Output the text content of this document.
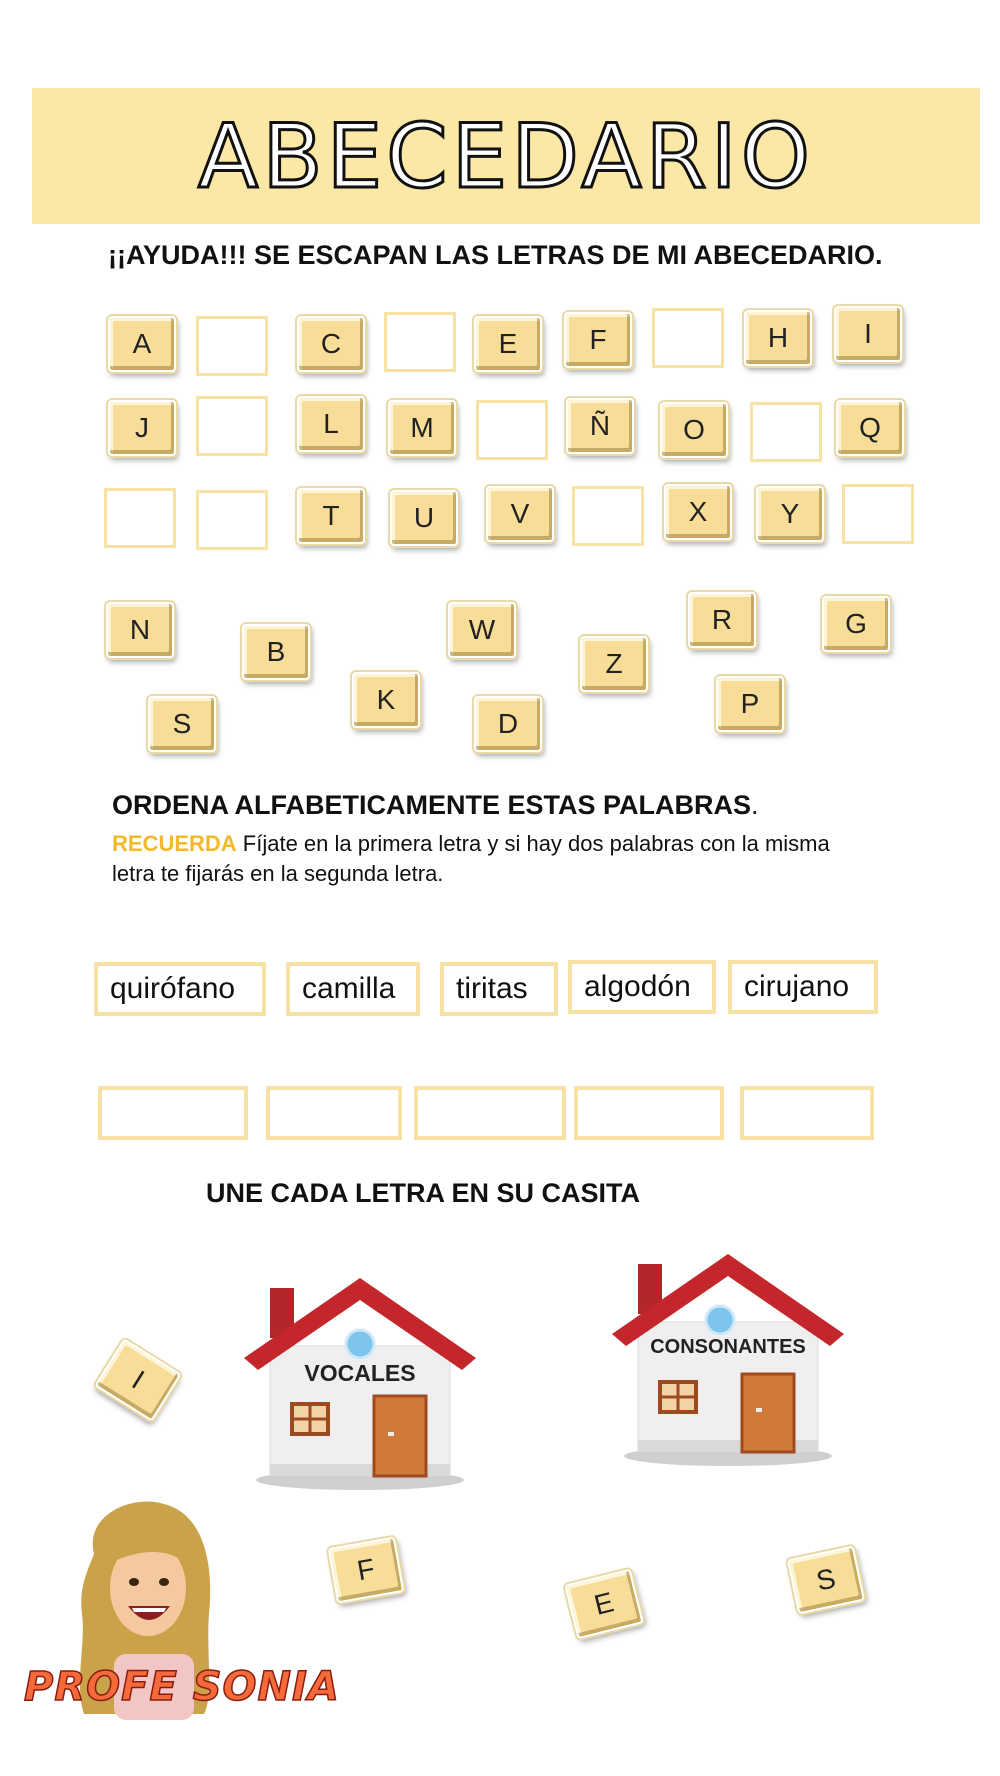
ABECEDARIO
¡¡AYUDA!!! SE ESCAPAN LAS LETRAS DE MI ABECEDARIO.
A	C	E	F	H	I
J	L	M	Ñ	O	Q
T	U	V	X	Y
N
B
W
Z
R	G
S
K
D
P
ORDENA ALFABETICAMENTE ESTAS PALABRAS.
RECUERDA Fíjate en la primera letra y si hay dos palabras con la misma
letra te fijarás en la segunda letra.
quirófano	camilla	tiritas	algodón	cirujano
UNE CADA LETRA EN SU CASITA
VOCALES
CONSONANTES
I
F
E
S
PROFE SONIA
